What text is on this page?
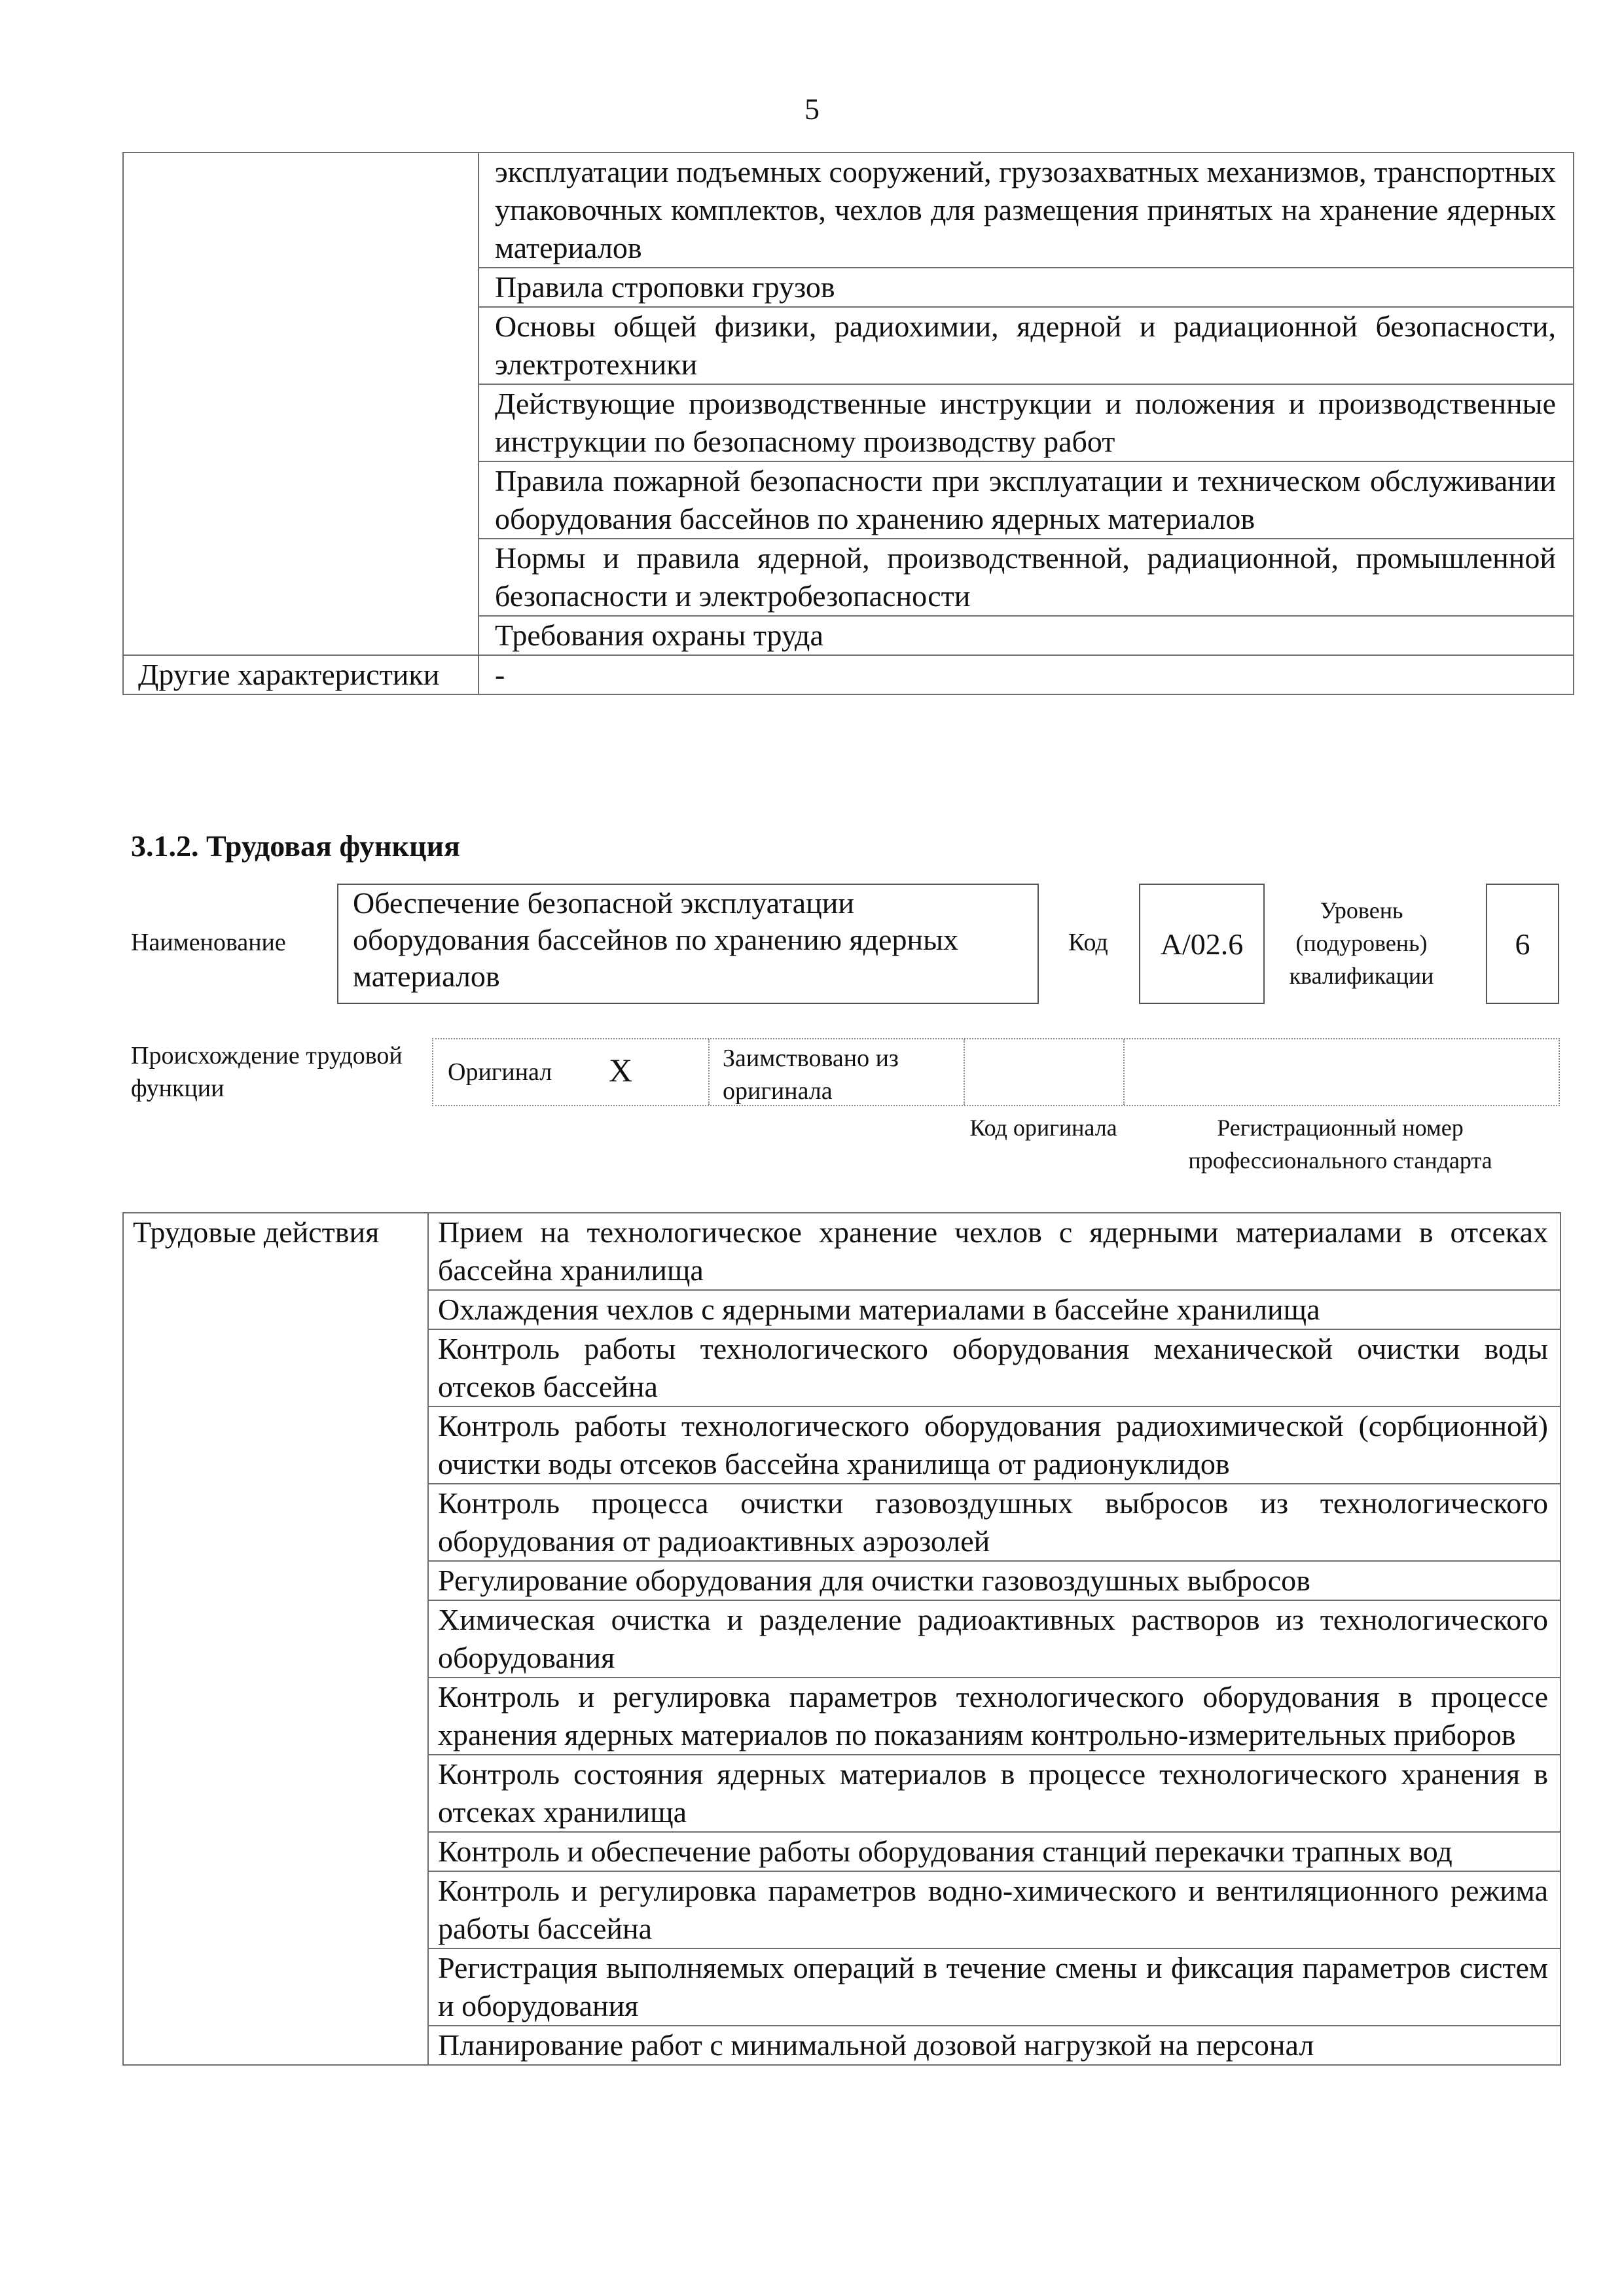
5
	эксплуатации подъемных сооружений, грузозахватных механизмов, транспортных упаковочных комплектов, чехлов для размещения принятых на хранение ядерных материалов
	Правила строповки грузов
	Основы общей физики, радиохимии, ядерной и радиационной безопасности, электротехники
	Действующие производственные инструкции и положения и производственные инструкции по безопасному производству работ
	Правила пожарной безопасности при эксплуатации и техническом обслуживании оборудования бассейнов по хранению ядерных материалов
	Нормы и правила ядерной, производственной, радиационной, промышленной безопасности и электробезопасности
	Требования охраны труда
Другие характеристики	-
3.1.2. Трудовая функция
Наименование
Обеспечение безопасной эксплуатации оборудования бассейнов по хранению ядерных материалов
Код	А/02.6
Уровень (подуровень) квалификации
6
Происхождение трудовой функции
Оригинал X	Заимствовано из оригинала
Код оригинала	Регистрационный номер профессионального стандарта
Трудовые действия	Прием на технологическое хранение чехлов с ядерными материалами в отсеках бассейна хранилища
Охлаждения чехлов с ядерными материалами в бассейне хранилища
Контроль работы технологического оборудования механической очистки воды отсеков бассейна
Контроль работы технологического оборудования радиохимической (сорбционной) очистки воды отсеков бассейна хранилища от радионуклидов
Контроль процесса очистки газовоздушных выбросов из технологического оборудования от радиоактивных аэрозолей
Регулирование оборудования для очистки газовоздушных выбросов
Химическая очистка и разделение радиоактивных растворов из технологического оборудования
Контроль и регулировка параметров технологического оборудования в процессе хранения ядерных материалов по показаниям контрольно-измерительных приборов
Контроль состояния ядерных материалов в процессе технологического хранения в отсеках хранилища
Контроль и обеспечение работы оборудования станций перекачки трапных вод
Контроль и регулировка параметров водно-химического и вентиляционного режима работы бассейна
Регистрация выполняемых операций в течение смены и фиксация параметров систем и оборудования
Планирование работ с минимальной дозовой нагрузкой на персонал
